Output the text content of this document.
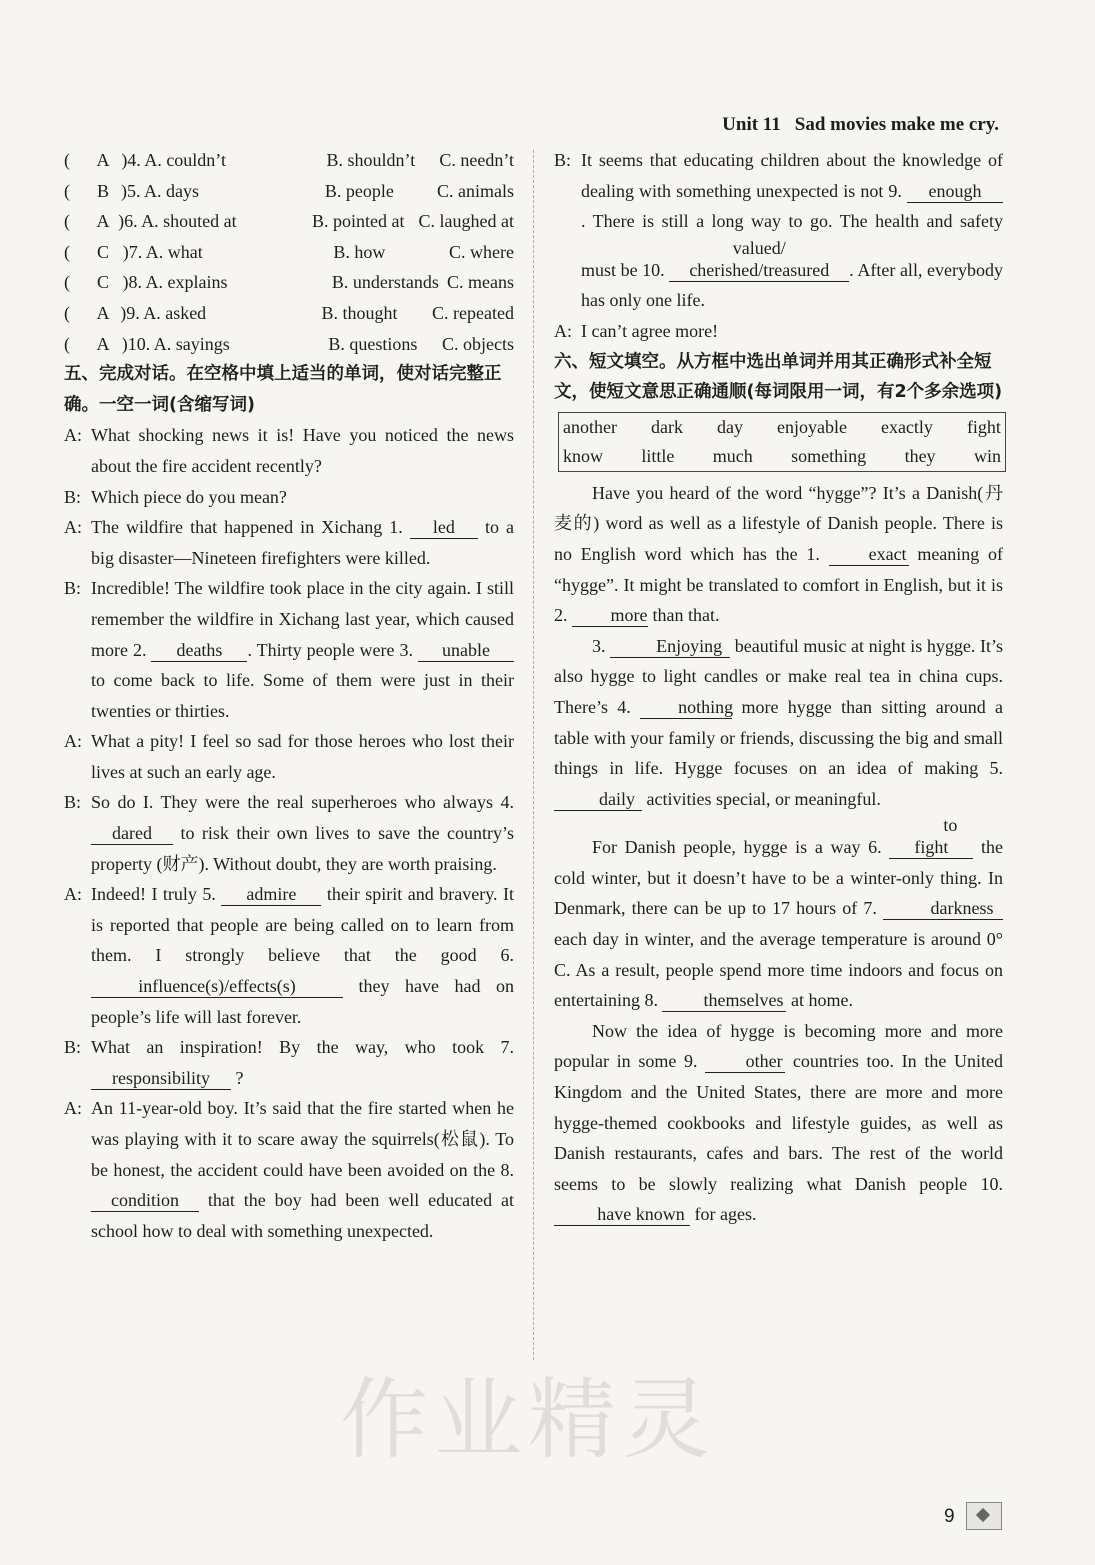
Unit 11 Sad movies make me cry.
(	A )4. A. couldn’t	B. shouldn’t	C. needn’t
(	B )5. A. days	B. people	C. animals
(	A )6. A. shouted at	B. pointed at C. laughed at
(	C )7. A. what	B. how	C. where
(	C )8. A. explains	B. understands C. means
(	A )9. A. asked	B. thought	C. repeated
(	A )10. A. sayings	B. questions	C. objects
五、完成对话。在空格中填上适当的单词，使对话完整正确。一空一词(含缩写词)
A: What shocking news it is! Have you noticed the news about the fire accident recently?
B: Which piece do you mean?
A: The wildfire that happened in Xichang 1. led to a big disaster—Nineteen firefighters were killed.
B: Incredible! The wildfire took place in the city again. I still remember the wildfire in Xichang last year, which caused more 2. deaths . Thirty people were 3. unable to come back to life. Some of them were just in their twenties or thirties.
A: What a pity! I feel so sad for those heroes who lost their lives at such an early age.
B: So do I. They were the real superheroes who always 4. dared to risk their own lives to save the country’s property (财产). Without doubt, they are worth praising.
A: Indeed! I truly 5. admire their spirit and bravery. It is reported that people are being called on to learn from them. I strongly believe that the good 6. influence(s)/effects(s)	they have had on people’s life will last forever.
B: What an inspiration! By the way, who took 7. responsibility ?
A: An 11-year-old boy. It’s said that the fire started when he was playing with it to scare away the squirrels(松鼠). To be honest, the accident could have been avoided on the 8. condition that the boy had been well educated at school how to deal with something unexpected.
B: It seems that educating children about the knowledge of dealing with something unexpected is not 9. enough. There is still a long way to go. The health and safety must be 10. valued/ cherished/treasured . After all, everybody has only one life.
A: I can’t agree more!
六、短文填空。从方框中选出单词并用其正确形式补全短文，使短文意思正确通顺(每词限用一词，有2个多余选项)
another dark day enjoyable exactly fight
know little much something they win
Have you heard of the word “hygge”? It’s a Danish(丹麦的) word as well as a lifestyle of Danish people. There is no English word which has the 1.	exact meaning of “hygge”. It might be translated to comfort in English, but it is 2. more than that.
3.	Enjoying beautiful music at night is hygge. It’s also hygge to light candles or make real tea in china cups. There’s 4.	nothing more hygge than sitting around a table with your family or friends, discussing the big and small things in life. Hygge focuses on an idea of making 5. daily activities special, or meaningful.
For Danish people, hygge is a way 6. to fight the cold winter, but it doesn’t have to be a winter-only thing. In Denmark, there can be up to 17 hours of 7.	darkness each day in winter, and the average temperature is around 0° C. As a result, people spend more time indoors and focus on entertaining 8.	themselves at home.
Now the idea of hygge is becoming more and more popular in some 9.	other countries too. In the United Kingdom and the United States, there are more and more hygge-themed cookbooks and lifestyle guides, as well as Danish restaurants, cafes and bars. The rest of the world seems to be slowly realizing what Danish people 10. have known for ages.
作业精灵
9
